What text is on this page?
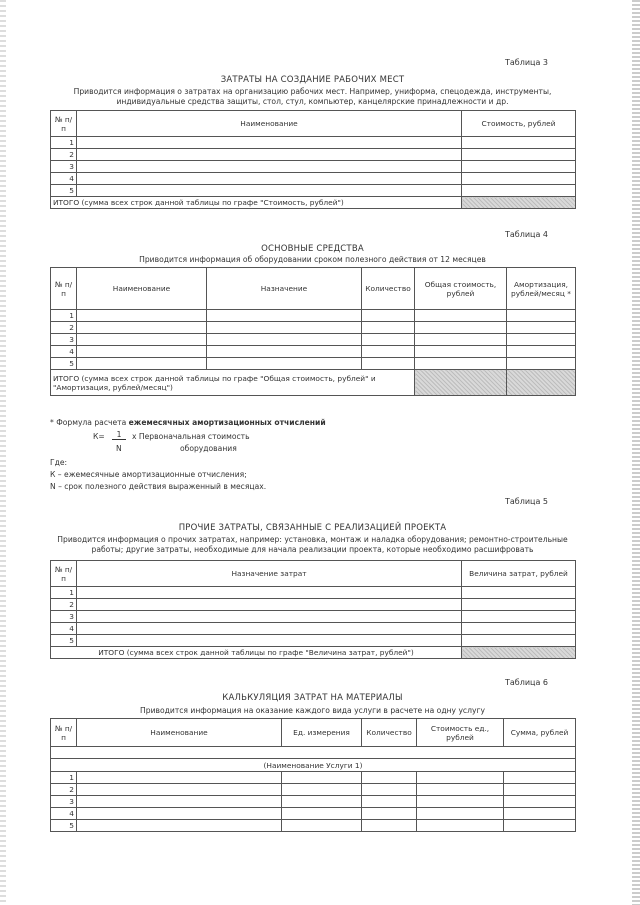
Таблица 3
ЗАТРАТЫ НА СОЗДАНИЕ РАБОЧИХ МЕСТ
Приводится информация о затратах на организацию рабочих мест. Например, униформа, спецодежда, инструменты,
индивидуальные средства защиты, стол, стул, компьютер, канцелярские принадлежности и др.
№ п/п	Наименование	Стоимость, рублей
1		
2		
3		
4		
5		
ИТОГО (сумма всех строк данной таблицы по графе "Стоимость, рублей")		
Таблица 4
ОСНОВНЫЕ СРЕДСТВА
Приводится информация об оборудовании сроком полезного действия от 12 месяцев
№ п/п	Наименование	Назначение	Количество	Общая стоимость, рублей	Амортизация, рублей/месяц *
1					
2					
3					
4					
5					
ИТОГО (сумма всех строк данной таблицы по графе "Общая стоимость, рублей" и
"Амортизация, рублей/месяц")					
* Формула расчета ежемесячных амортизационных отчислений
К=	1	х Первоначальная стоимость
N	оборудования
Где:
К – ежемесячные амортизационные отчисления;
N – срок полезного действия выраженный в месяцах.
Таблица 5
ПРОЧИЕ ЗАТРАТЫ, СВЯЗАННЫЕ С РЕАЛИЗАЦИЕЙ ПРОЕКТА
Приводится информация о прочих затратах, например: установка, монтаж и наладка оборудования; ремонтно-строительные
работы; другие затраты, необходимые для начала реализации проекта, которые необходимо расшифровать
№ п/п	Назначение затрат	Величина затрат, рублей
1		
2		
3		
4		
5		
ИТОГО (сумма всех строк данной таблицы по графе "Величина затрат, рублей")		
Таблица 6
КАЛЬКУЛЯЦИЯ ЗАТРАТ НА МАТЕРИАЛЫ
Приводится информация на оказание каждого вида услуги в расчете на одну услугу
№ п/п	Наименование	Ед. измерения	Количество	Стоимость ед., рублей	Сумма, рублей

(Наименование Услуги 1)					
1					
2					
3					
4					
5					
